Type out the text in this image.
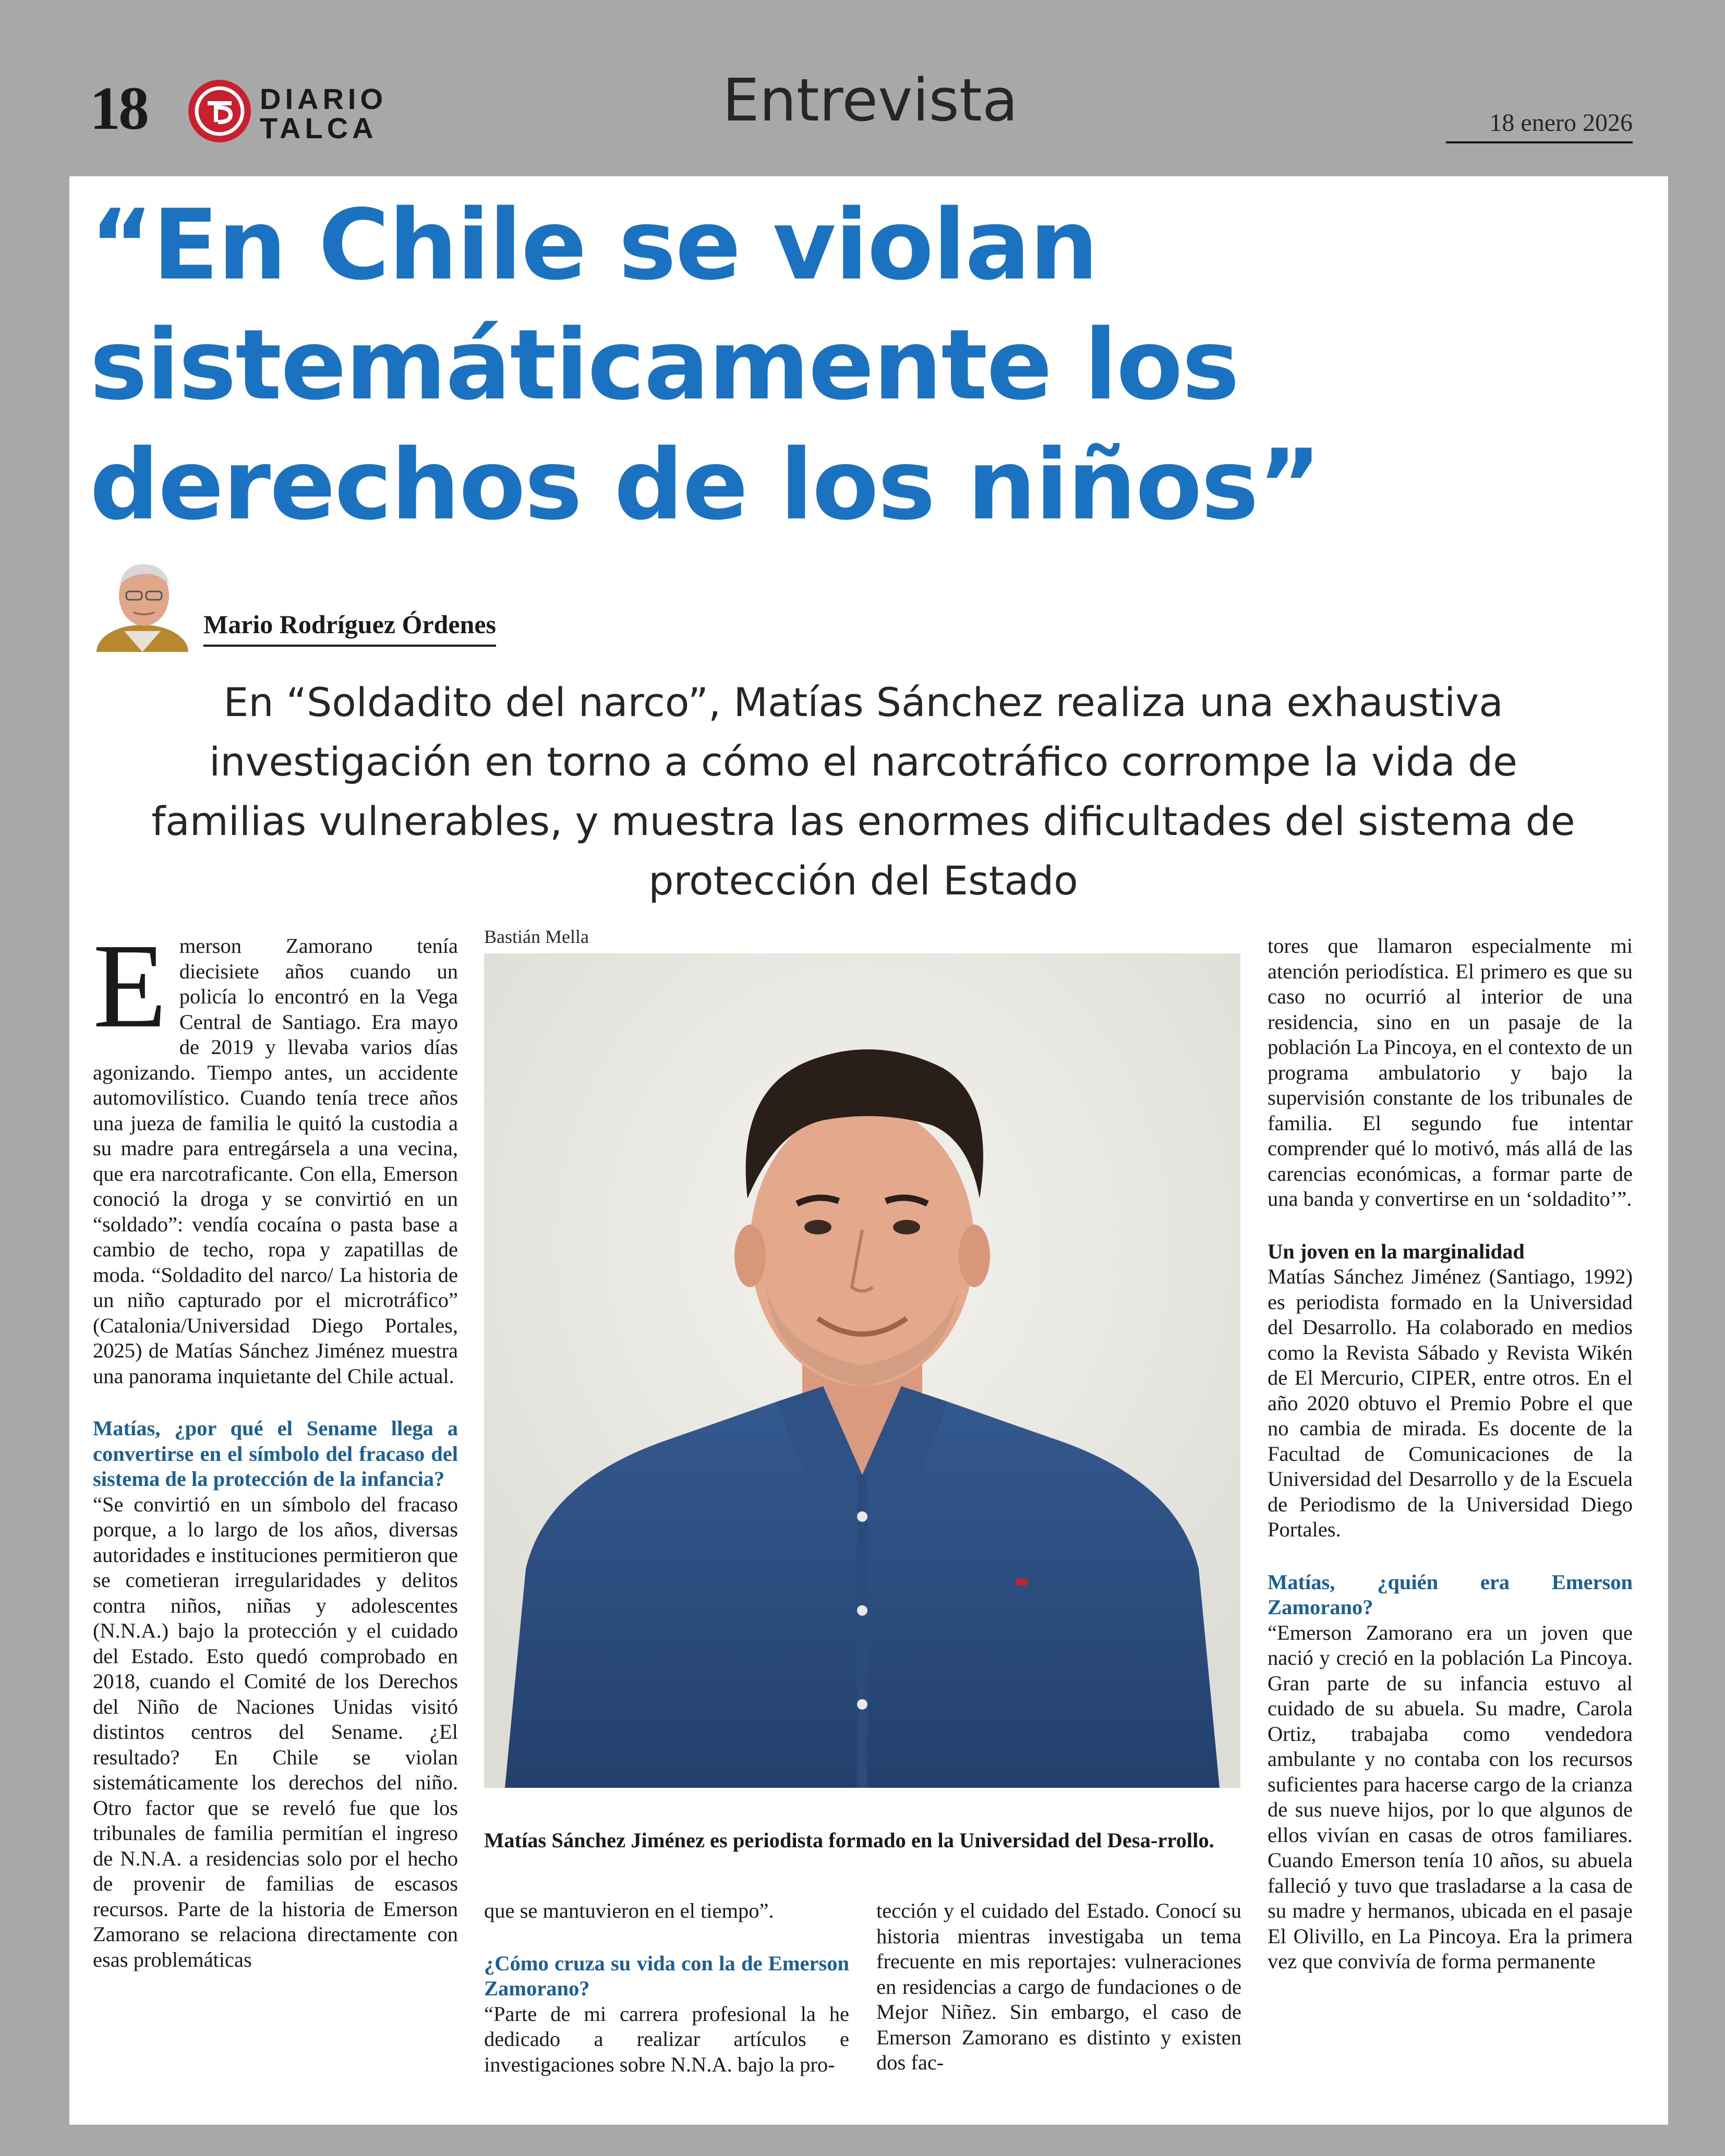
18	DIARIO
TALCA	Entrevista	18 enero 2026
“En Chile se violan
sistemáticamente los
derechos de los niños”
Mario Rodríguez Órdenes
En “Soldadito del narco”, Matías Sánchez realiza una exhaustiva
investigación en torno a cómo el narcotráfico corrompe la vida de
familias vulnerables, y muestra las enormes dificultades del sistema de
protección del Estado
E merson Zamorano tenía diecisiete años cuando un policía lo encontró en la Vega Central de Santiago. Era mayo de 2019 y llevaba varios días agonizando. Tiempo antes, un accidente automovilístico. Cuando tenía trece años una jueza de familia le quitó la custodia a su madre para entregársela a una vecina, que era narcotraficante. Con ella, Emerson conoció la droga y se convirtió en un “soldado”: vendía cocaína o pasta base a cambio de techo, ropa y zapatillas de moda. “Soldadito del narco/ La historia de un niño capturado por el microtráfico” (Catalonia/Universidad Diego Portales, 2025) de Matías Sánchez Jiménez muestra una panorama inquietante del Chile actual.

Matías, ¿por qué el Sename llega a convertirse en el símbolo del fracaso del sistema de la protección de la infancia?

“Se convirtió en un símbolo del fracaso porque, a lo largo de los años, diversas autoridades e instituciones permitieron que se cometieran irregularidades y delitos contra niños, niñas y adolescentes (N.N.A.) bajo la protección y el cuidado del Estado. Esto quedó comprobado en 2018, cuando el Comité de los Derechos del Niño de Naciones Unidas visitó distintos centros del Sename. ¿El resultado? En Chile se violan sistemáticamente los derechos del niño. Otro factor que se reveló fue que los tribunales de familia permitían el ingreso de N.N.A. a residencias solo por el hecho de provenir de familias de escasos recursos. Parte de la historia de Emerson Zamorano se relaciona directamente con esas problemáticas

Bastián Mella
Matías Sánchez Jiménez es periodista formado en la Universidad del Desa-rrollo.

que se mantuvieron en el tiempo”.

¿Cómo cruza su vida con la de Emerson Zamorano?

“Parte de mi carrera profesional la he dedicado a realizar artículos e investigaciones sobre N.N.A. bajo la pro-

tección y el cuidado del Estado. Conocí su historia mientras investigaba un tema frecuente en mis reportajes: vulneraciones en residencias a cargo de fundaciones o de Mejor Niñez. Sin embargo, el caso de Emerson Zamorano es distinto y existen dos fac-

tores que llamaron especialmente mi atención periodística. El primero es que su caso no ocurrió al interior de una residencia, sino en un pasaje de la población La Pincoya, en el contexto de un programa ambulatorio y bajo la supervisión constante de los tribunales de familia. El segundo fue intentar comprender qué lo motivó, más allá de las carencias económicas, a formar parte de una banda y convertirse en un ‘soldadito’”.

Un joven en la marginalidad

Matías Sánchez Jiménez (Santiago, 1992) es periodista formado en la Universidad del Desarrollo. Ha colaborado en medios como la Revista Sábado y Revista Wikén de El Mercurio, CIPER, entre otros. En el año 2020 obtuvo el Premio Pobre el que no cambia de mirada. Es docente de la Facultad de Comunicaciones de la Universidad del Desarrollo y de la Escuela de Periodismo de la Universidad Diego Portales.

Matías, ¿quién era Emerson Zamorano?

“Emerson Zamorano era un joven que nació y creció en la población La Pincoya. Gran parte de su infancia estuvo al cuidado de su abuela. Su madre, Carola Ortiz, trabajaba como vendedora ambulante y no contaba con los recursos suficientes para hacerse cargo de la crianza de sus nueve hijos, por lo que algunos de ellos vivían en casas de otros familiares. Cuando Emerson tenía 10 años, su abuela falleció y tuvo que trasladarse a la casa de su madre y hermanos, ubicada en el pasaje El Olivillo, en La Pincoya. Era la primera vez que convivía de forma permanente
